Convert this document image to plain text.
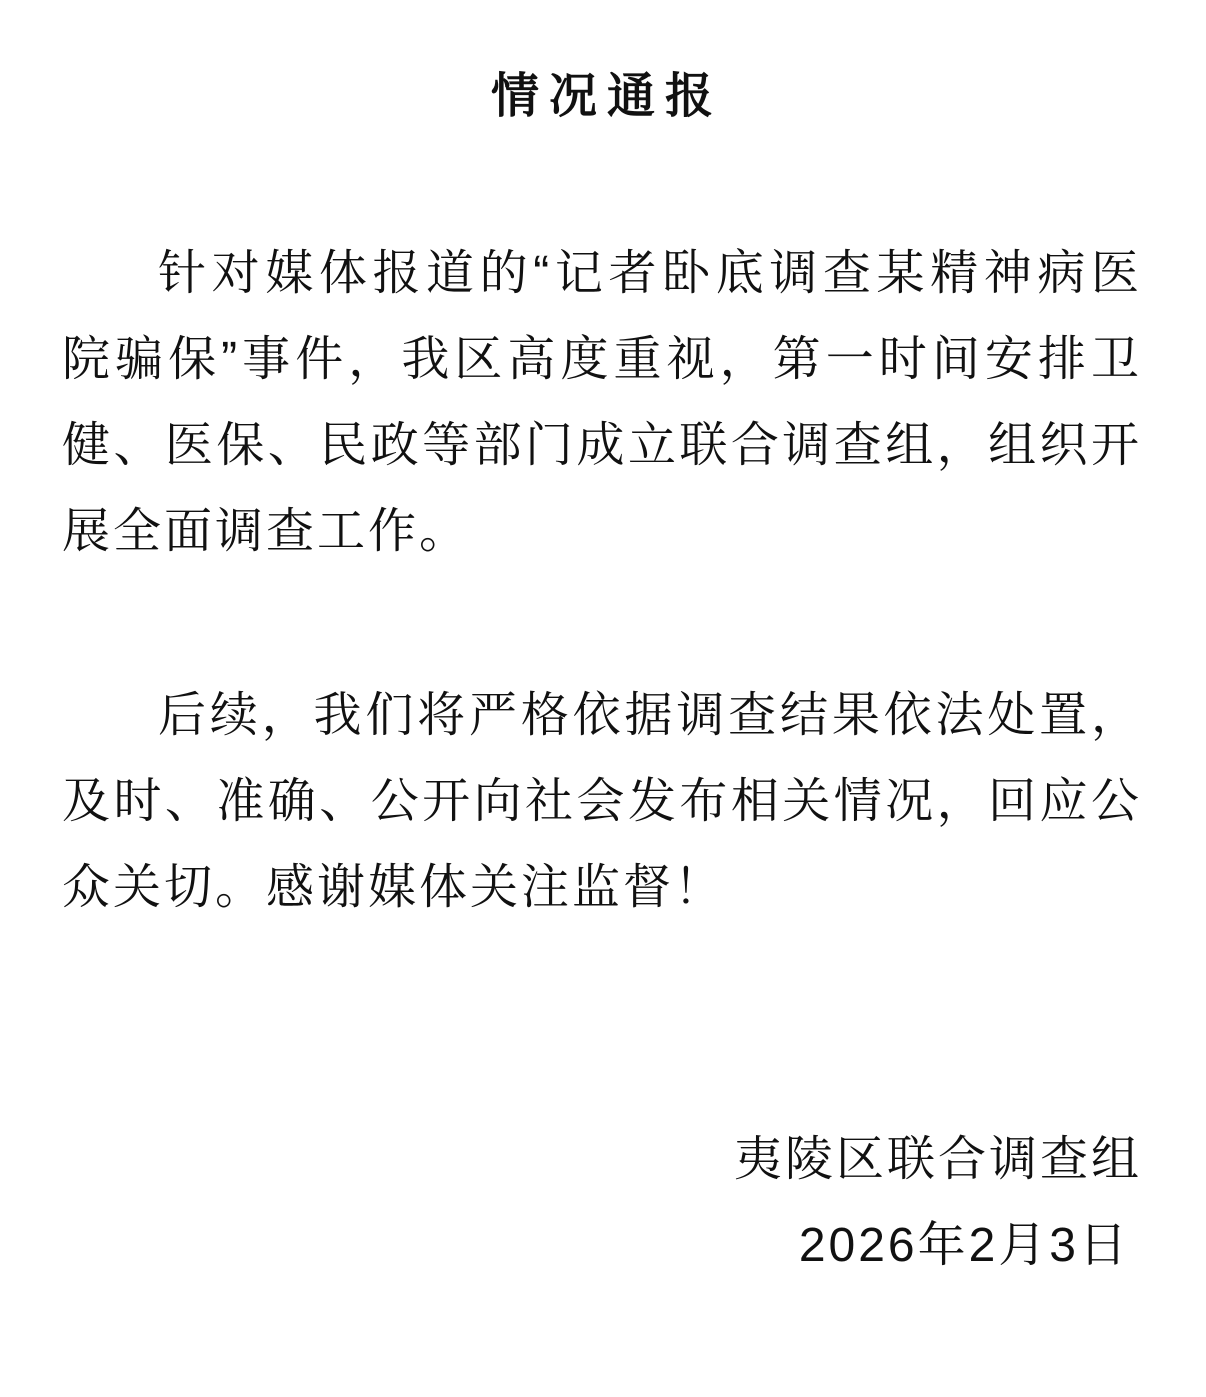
情况通报

针对媒体报道的“记者卧底调查某精神病医院骗保”事件，我区高度重视，第一时间安排卫健、医保、民政等部门成立联合调查组，组织开展全面调查工作。

后续，我们将严格依据调查结果依法处置，及时、准确、公开向社会发布相关情况，回应公众关切。感谢媒体关注监督！

夷陵区联合调查组
2026年2月3日
